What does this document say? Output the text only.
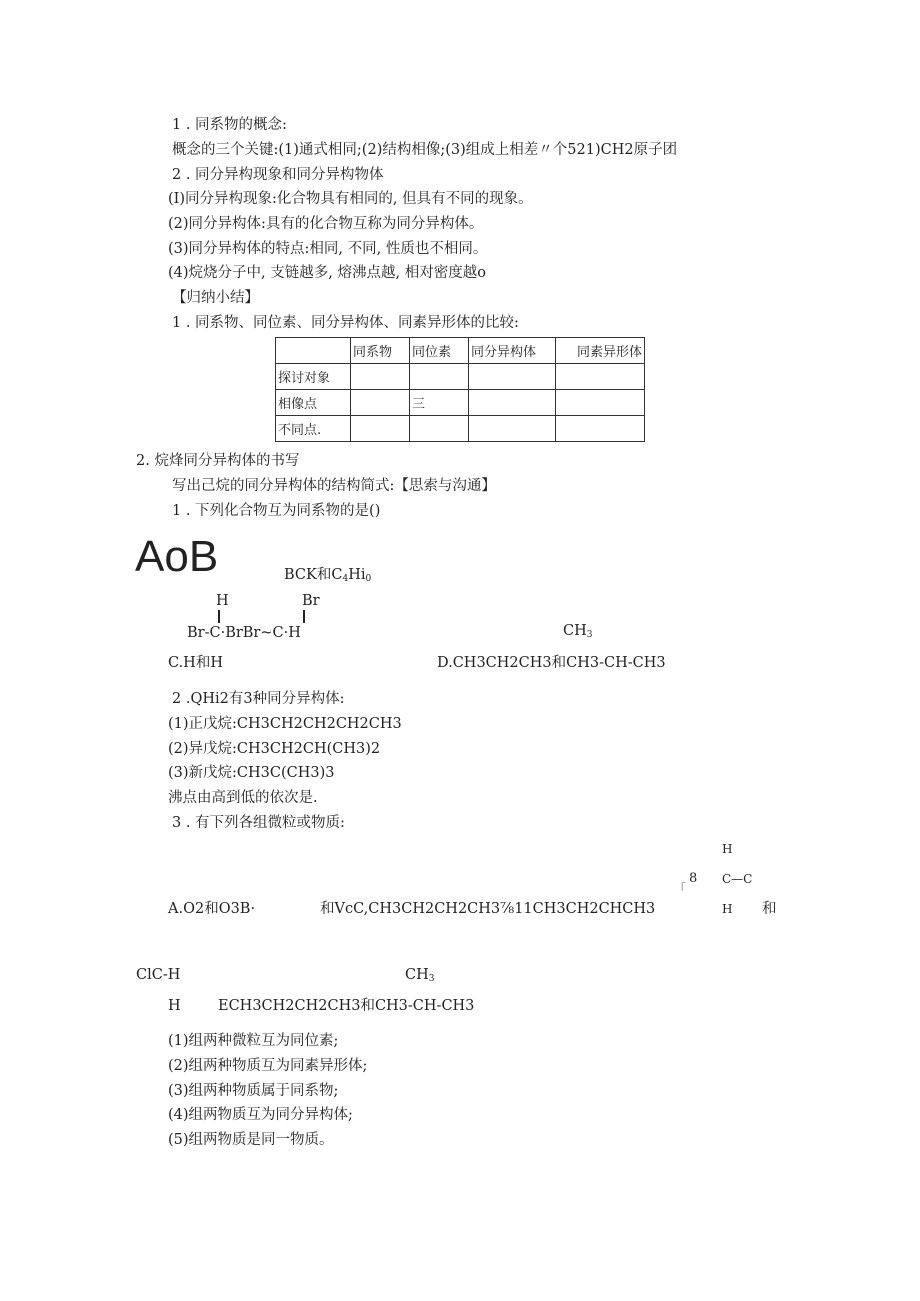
1 . 同系物的概念:
概念的三个关键:(1)通式相同;(2)结构相像;(3)组成上相差〃个521)CH2原子团
2 . 同分异构现象和同分异构物体
(I)同分异构现象:化合物具有相同的, 但具有不同的现象。
(2)同分异构体:具有的化合物互称为同分异构体。
(3)同分异构体的特点:相同, 不同, 性质也不相同。
(4)烷烧分子中, 支链越多, 熔沸点越, 相对密度越o
【归纳小结】
1 . 同系物、同位素、同分异构体、同素异形体的比较:
	同系物	同位素	同分异构体	同素异形体
探讨对象				
相像点		三		
不同点.				
2. 烷烽同分异构体的书写
写出己烷的同分异构体的结构简式:【思索与沟通】
1 . 下列化合物互为同系物的是()
AoB	BCK和$C_4Hi_0$
H	Br
Br-C·BrBr~C·H	$CH_3$
C.H和H	D.CH3CH2CH3和CH3-CH-CH3
2 .QHi2有3种同分异构体:
(1)正戊烷:CH3CH2CH2CH2CH3
(2)异戊烷:CH3CH2CH(CH3)2
(3)新戊烷:CH3C(CH3)3
沸点由高到低的依次是.
3 . 有下列各组微粒或物质:
A.O2和O3B·	和VcC,CH3CH2CH2CH3⅞11CH3CH2CHCH3
「
8
H
C—C
H 和
ClC-H	$CH_3$
H	ECH3CH2CH2CH3和CH3-CH-CH3
(1)组两种微粒互为同位素;
(2)组两种物质互为同素异形体;
(3)组两种物质属于同系物;
(4)组两物质互为同分异构体;
(5)组两物质是同一物质。
